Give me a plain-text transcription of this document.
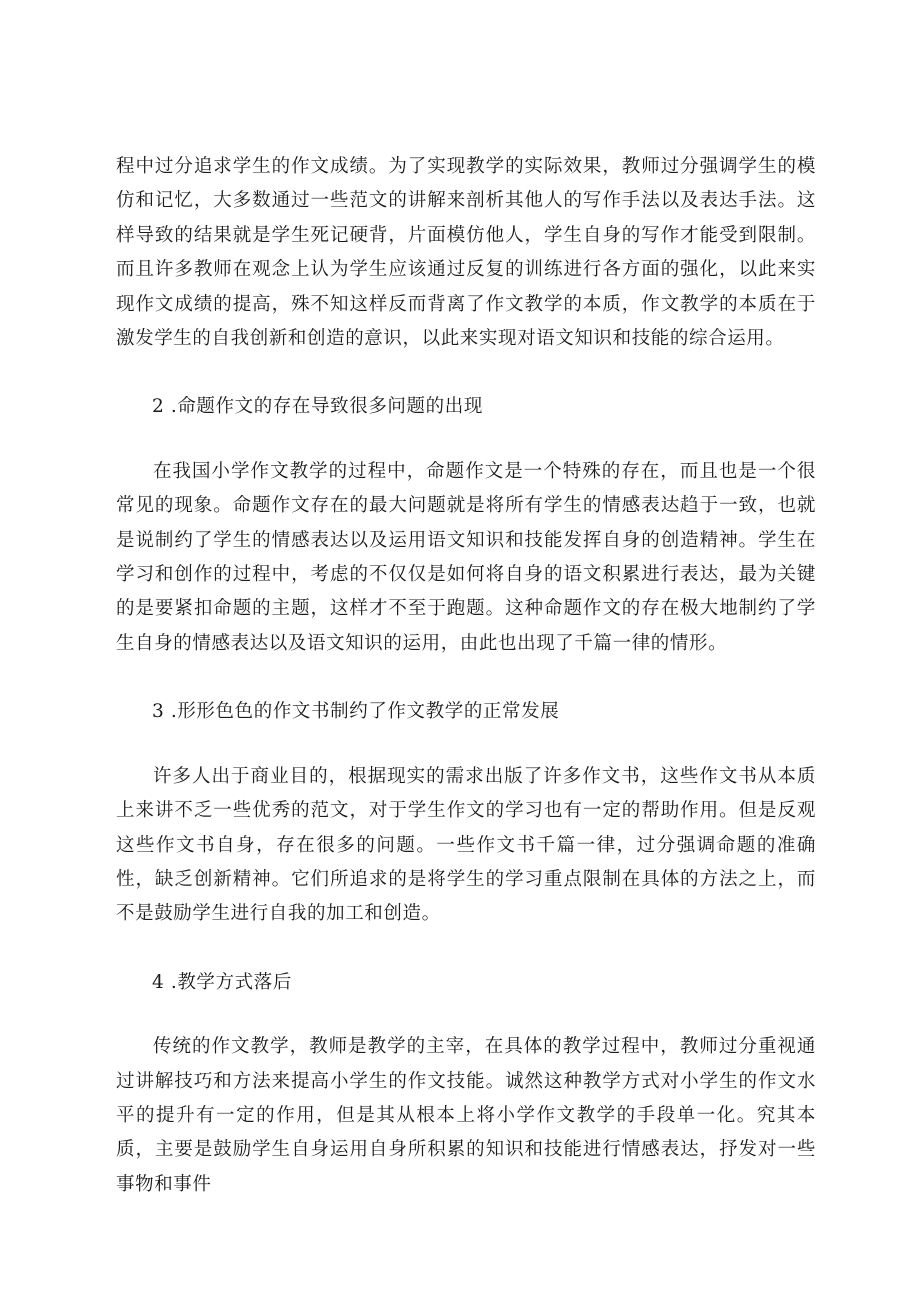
程中过分追求学生的作文成绩。为了实现教学的实际效果，教师过分强调学生的模仿和记忆，大多数通过一些范文的讲解来剖析其他人的写作手法以及表达手法。这样导致的结果就是学生死记硬背，片面模仿他人，学生自身的写作才能受到限制。而且许多教师在观念上认为学生应该通过反复的训练进行各方面的强化，以此来实现作文成绩的提高，殊不知这样反而背离了作文教学的本质，作文教学的本质在于激发学生的自我创新和创造的意识，以此来实现对语文知识和技能的综合运用。

2 .命题作文的存在导致很多问题的出现

在我国小学作文教学的过程中，命题作文是一个特殊的存在，而且也是一个很常见的现象。命题作文存在的最大问题就是将所有学生的情感表达趋于一致，也就是说制约了学生的情感表达以及运用语文知识和技能发挥自身的创造精神。学生在学习和创作的过程中，考虑的不仅仅是如何将自身的语文积累进行表达，最为关键的是要紧扣命题的主题，这样才不至于跑题。这种命题作文的存在极大地制约了学生自身的情感表达以及语文知识的运用，由此也出现了千篇一律的情形。

3 .形形色色的作文书制约了作文教学的正常发展

许多人出于商业目的，根据现实的需求出版了许多作文书，这些作文书从本质上来讲不乏一些优秀的范文，对于学生作文的学习也有一定的帮助作用。但是反观这些作文书自身，存在很多的问题。一些作文书千篇一律，过分强调命题的准确性，缺乏创新精神。它们所追求的是将学生的学习重点限制在具体的方法之上，而不是鼓励学生进行自我的加工和创造。

4 .教学方式落后

传统的作文教学，教师是教学的主宰，在具体的教学过程中，教师过分重视通过讲解技巧和方法来提高小学生的作文技能。诚然这种教学方式对小学生的作文水平的提升有一定的作用，但是其从根本上将小学作文教学的手段单一化。究其本质，主要是鼓励学生自身运用自身所积累的知识和技能进行情感表达，抒发对一些事物和事件
